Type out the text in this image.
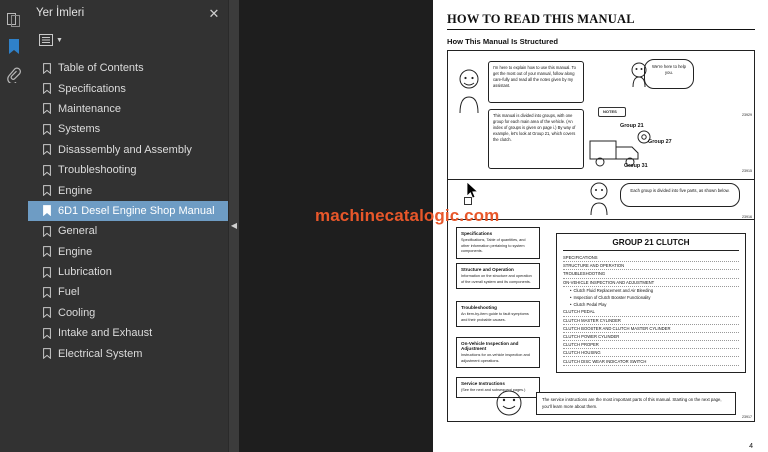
Yer İmleri	✕
▼
Table of Contents
Specifications
Maintenance
Systems
Disassembly and Assembly
Troubleshooting
Engine
6D1 Desel Engine Shop Manual
General
Engine
Lubrication
Fuel
Cooling
Intake and Exhaust
Electrical System
◀
HOW TO READ THIS MANUAL
How This Manual Is Structured
I'm here to explain how to use this manual. To get the most out of your manual, follow along care-fully and read all the notes given by my assistant.
We're here to help you.
This manual is divided into groups, with one group for each main area of the vehicle. (An index of groups is given on page i.) By way of example, let's look at Group 21, which covers the clutch.
NOTES
Group 21
Group 27
Group 31
23929
23915
23916
23917
Each group is divided into five parts, as shown below.
Specifications
Specifications, Table of quantities, and other information pertaining to system components.
Structure and Operation
Information on the structure and operation of the overall system and its components.
Troubleshooting
An item-by-item guide to fault symptoms and their probable causes.
On-Vehicle Inspection and Adjustment
Instructions for on-vehicle inspection and adjustment operations.
Service Instructions
(See the next and subsequent pages.)
GROUP 21 CLUTCH
SPECIFICATIONS
STRUCTURE AND OPERATION
TROUBLESHOOTING
ON-VEHICLE INSPECTION AND ADJUSTMENT
• Clutch Fluid Replacement and Air Bleeding
• Inspection of Clutch Booster Functionality
• Clutch Pedal Play
CLUTCH PEDAL
CLUTCH MASTER CYLINDER
CLUTCH BOOSTER AND CLUTCH MASTER CYLINDER
CLUTCH POWER CYLINDER
CLUTCH PROPER
CLUTCH HOUSING
CLUTCH DISC WEAR INDICATOR SWITCH
The service instructions are the most important parts of this manual. Starting on the next page, you'll learn more about them.
4
machinecatalogic.com
